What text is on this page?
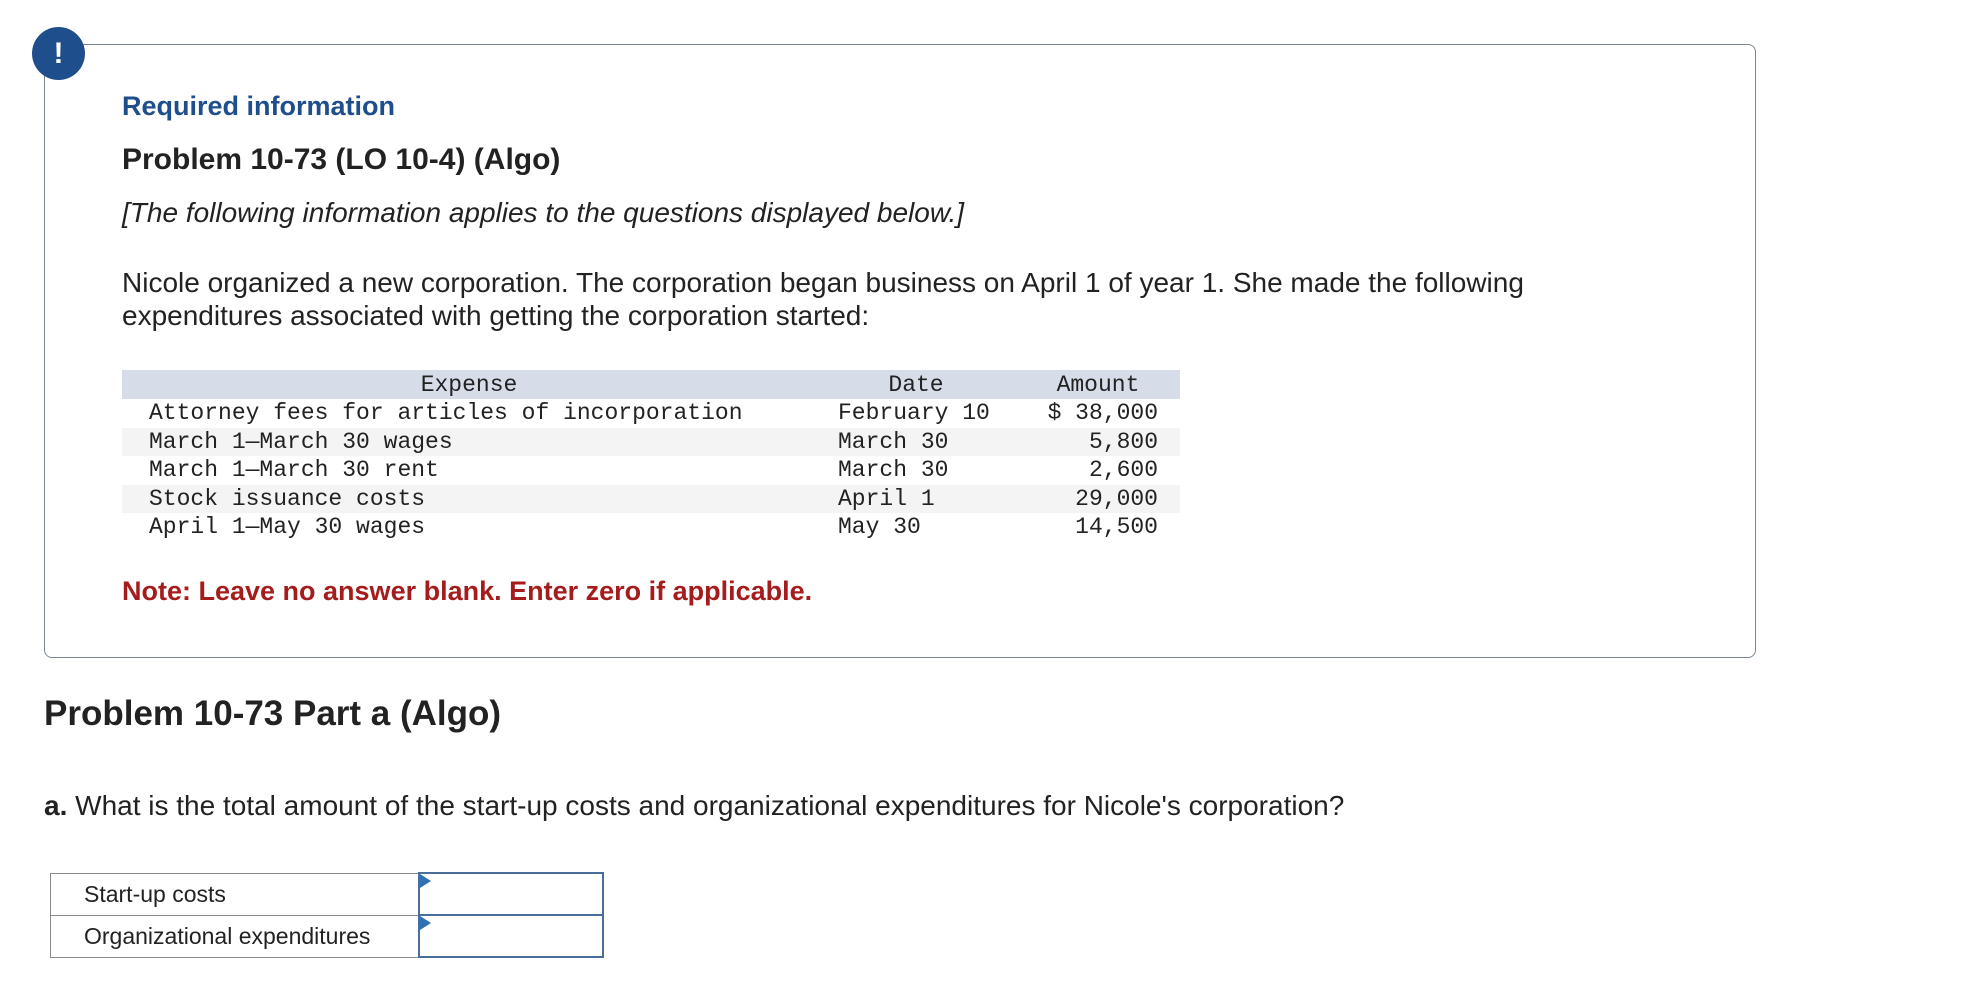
!
Required information
Problem 10-73 (LO 10-4) (Algo)
[The following information applies to the questions displayed below.]
Nicole organized a new corporation. The corporation began business on April 1 of year 1. She made the following expenditures associated with getting the corporation started:
Expense	Date	Amount
Attorney fees for articles of incorporation	February 10	$ 38,000
March 1—March 30 wages	March 30	5,800
March 1—March 30 rent	March 30	2,600
Stock issuance costs	April 1	29,000
April 1—May 30 wages	May 30	14,500
Note: Leave no answer blank. Enter zero if applicable.
Problem 10-73 Part a (Algo)
a. What is the total amount of the start-up costs and organizational expenditures for Nicole's corporation?
Start-up costs	

Organizational expenditures	
